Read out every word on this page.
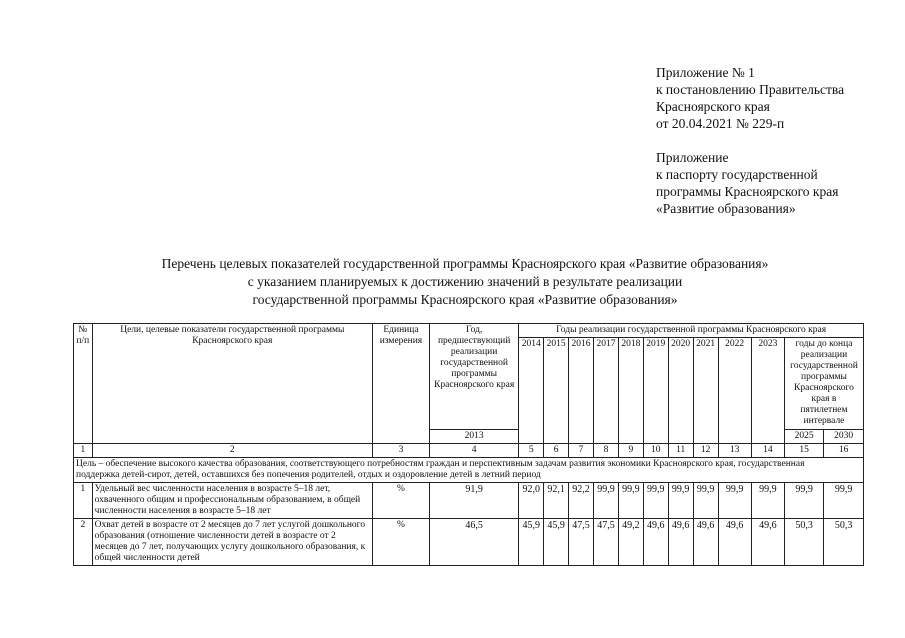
Приложение № 1
к постановлению Правительства
Красноярского края
от 20.04.2021 № 229-п
Приложение
к паспорту государственной
программы Красноярского края
«Развитие образования»
Перечень целевых показателей государственной программы Красноярского края «Развитие образования»
с указанием планируемых к достижению значений в результате реализации
государственной программы Красноярского края «Развитие образования»
№ п/п	Цели, целевые показатели государственной программы Красноярского края	Единица измерения	Год, предшествующий реализации государственной программы Красноярского края	Годы реализации государственной программы Красноярского края											
				2014	2015	2016	2017	2018	2019	2020	2021	2022	2023	годы до конца реализации государственной программы Красноярского края в пятилетнем интервале	
			2013											2025	2030
1	2	3	4	5	6	7	8	9	10	11	12	13	14	15	16

Цель – обеспечение высокого качества образования, соответствующего потребностям граждан и перспективным задачам развития экономики Красноярского края, государственная
поддержка детей-сирот, детей, оставшихся без попечения родителей, отдых и оздоровление детей в летний период															

1	Удельный вес численности населения в возрасте 5–18 лет, охваченного общим и профессиональным образованием, в общей численности населения в возрасте 5–18 лет	%	91,9	92,0	92,1	92,2	99,9	99,9	99,9	99,9	99,9	99,9	99,9	99,9	99,9
2	Охват детей в возрасте от 2 месяцев до 7 лет услугой дошкольного образования (отношение численности детей в возрасте от 2 месяцев до 7 лет, получающих услугу дошкольного образования, к общей численности детей	%	46,5	45,9	45,9	47,5	47,5	49,2	49,6	49,6	49,6	49,6	49,6	50,3	50,3
